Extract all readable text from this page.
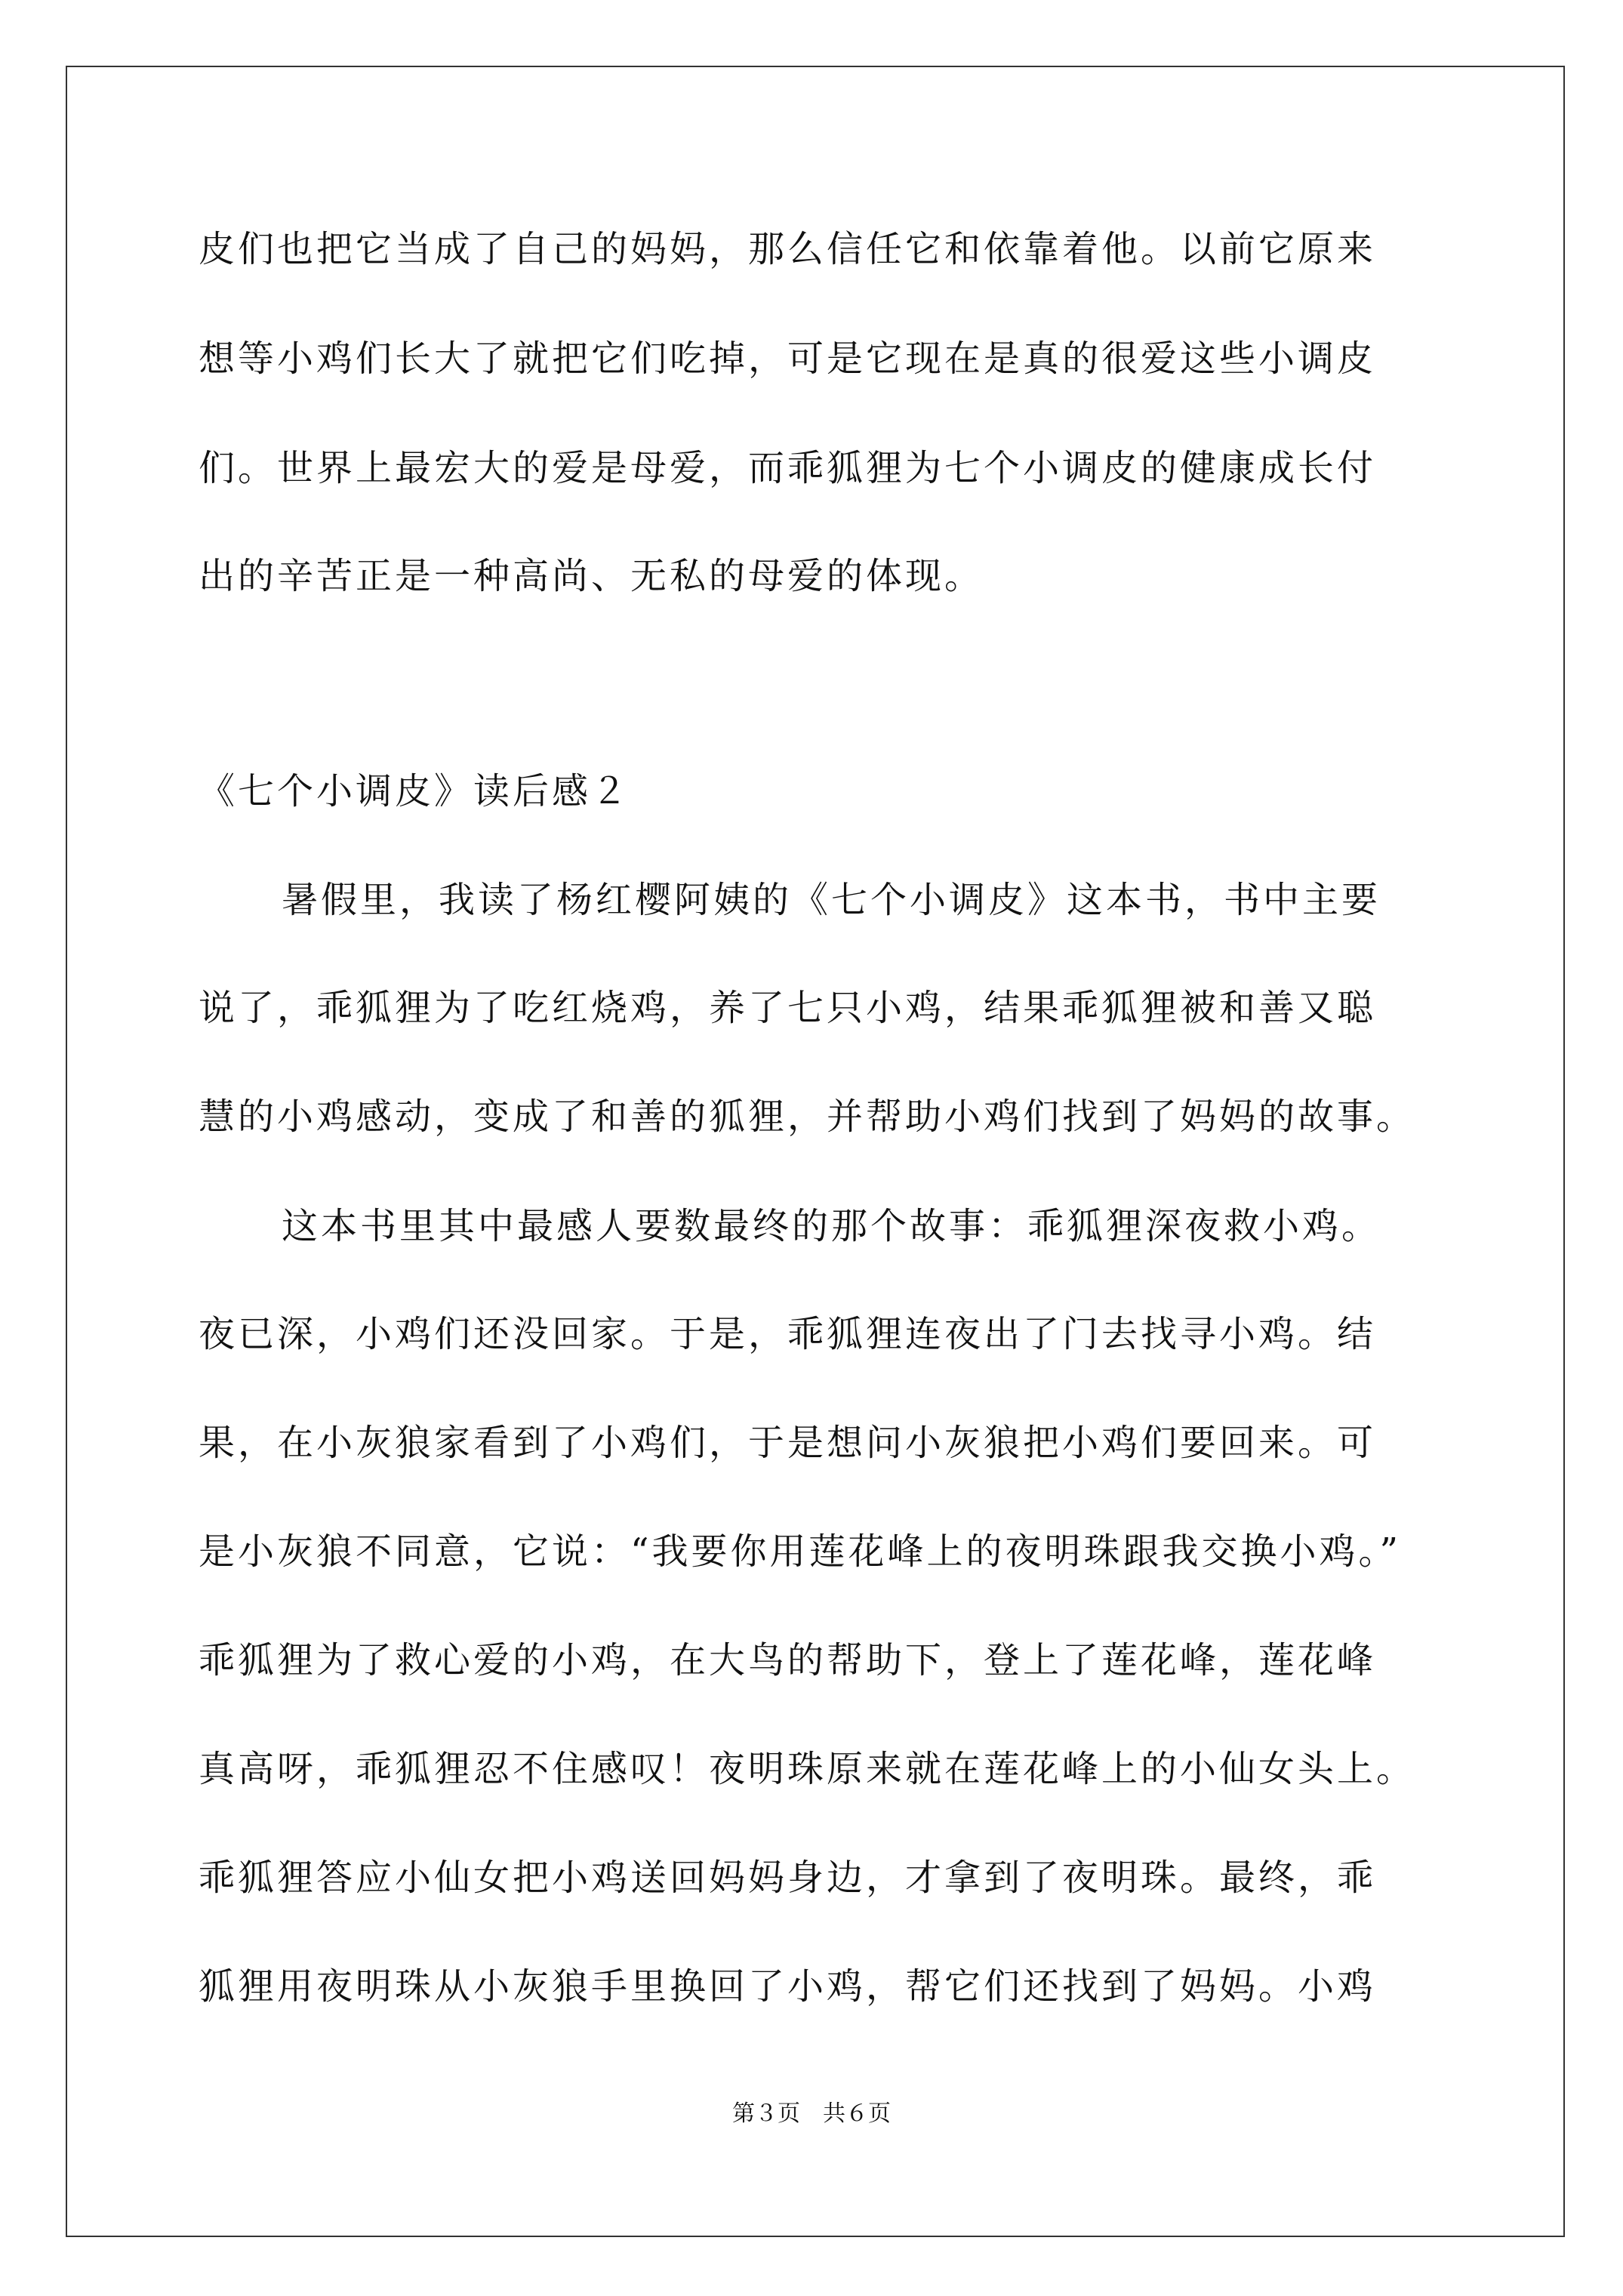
皮们也把它当成了自己的妈妈，那么信任它和依靠着他。以前它原来

想等小鸡们长大了就把它们吃掉，可是它现在是真的很爱这些小调皮

们。世界上最宏大的爱是母爱，而乖狐狸为七个小调皮的健康成长付

出的辛苦正是一种高尚、无私的母爱的体现。

《七个小调皮》读后感２

暑假里，我读了杨红樱阿姨的《七个小调皮》这本书，书中主要

说了，乖狐狸为了吃红烧鸡，养了七只小鸡，结果乖狐狸被和善又聪

慧的小鸡感动，变成了和善的狐狸，并帮助小鸡们找到了妈妈的故事。

这本书里其中最感人要数最终的那个故事：乖狐狸深夜救小鸡。

夜已深，小鸡们还没回家。于是，乖狐狸连夜出了门去找寻小鸡。结

果，在小灰狼家看到了小鸡们，于是想问小灰狼把小鸡们要回来。可

是小灰狼不同意，它说：“我要你用莲花峰上的夜明珠跟我交换小鸡。”

乖狐狸为了救心爱的小鸡，在大鸟的帮助下，登上了莲花峰，莲花峰

真高呀，乖狐狸忍不住感叹！夜明珠原来就在莲花峰上的小仙女头上。

乖狐狸答应小仙女把小鸡送回妈妈身边，才拿到了夜明珠。最终，乖

狐狸用夜明珠从小灰狼手里换回了小鸡，帮它们还找到了妈妈。小鸡

第３页　共６页
